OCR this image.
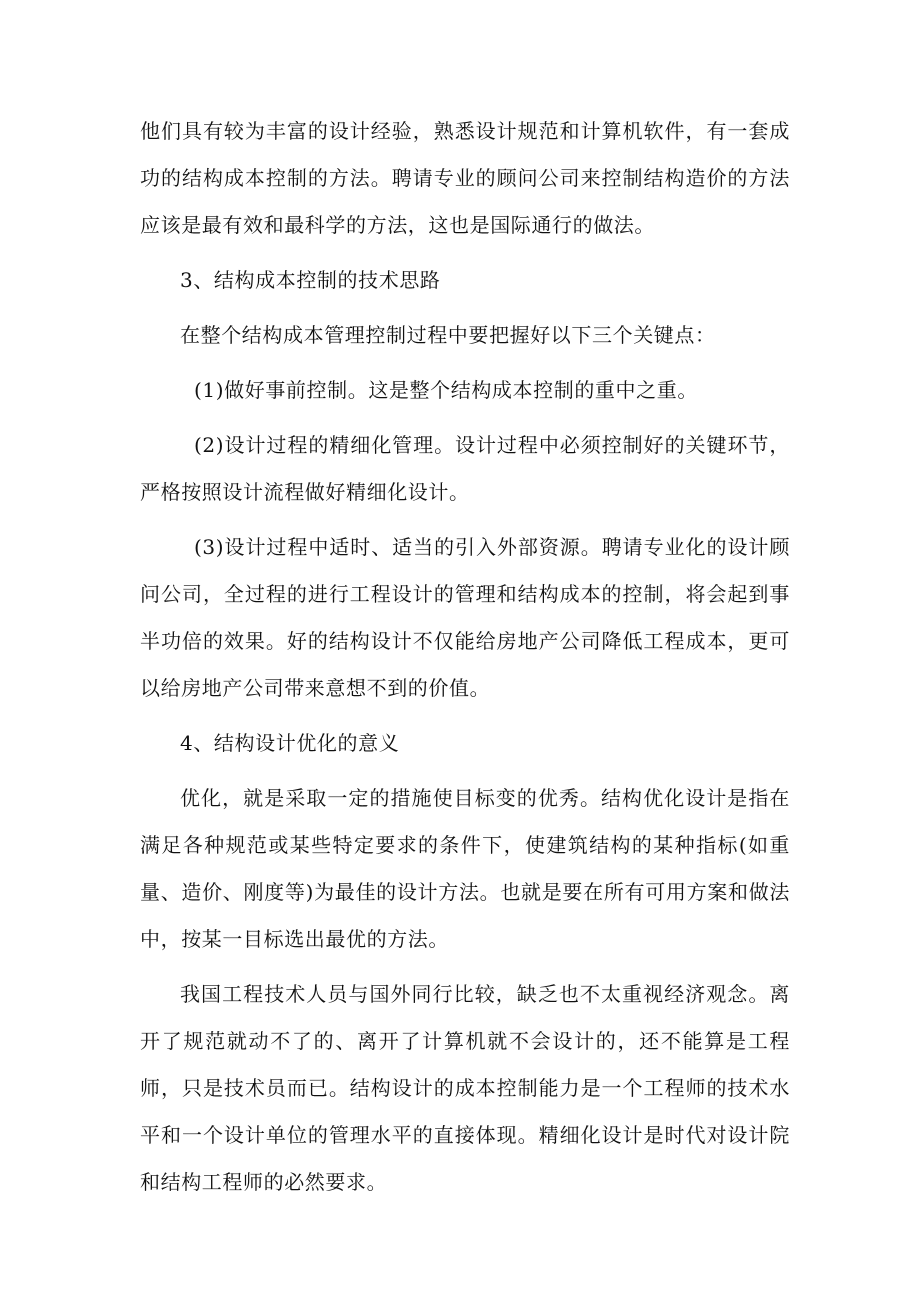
他们具有较为丰富的设计经验，熟悉设计规范和计算机软件，有一套成功的结构成本控制的方法。聘请专业的顾问公司来控制结构造价的方法应该是最有效和最科学的方法，这也是国际通行的做法。

3、结构成本控制的技术思路

在整个结构成本管理控制过程中要把握好以下三个关键点：

(1)做好事前控制。这是整个结构成本控制的重中之重。

(2)设计过程的精细化管理。设计过程中必须控制好的关键环节，严格按照设计流程做好精细化设计。

(3)设计过程中适时、适当的引入外部资源。聘请专业化的设计顾问公司，全过程的进行工程设计的管理和结构成本的控制，将会起到事半功倍的效果。好的结构设计不仅能给房地产公司降低工程成本，更可以给房地产公司带来意想不到的价值。

4、结构设计优化的意义

优化，就是采取一定的措施使目标变的优秀。结构优化设计是指在满足各种规范或某些特定要求的条件下，使建筑结构的某种指标(如重量、造价、刚度等)为最佳的设计方法。也就是要在所有可用方案和做法中，按某一目标选出最优的方法。

我国工程技术人员与国外同行比较，缺乏也不太重视经济观念。离开了规范就动不了的、离开了计算机就不会设计的，还不能算是工程师，只是技术员而已。结构设计的成本控制能力是一个工程师的技术水平和一个设计单位的管理水平的直接体现。精细化设计是时代对设计院和结构工程师的必然要求。
